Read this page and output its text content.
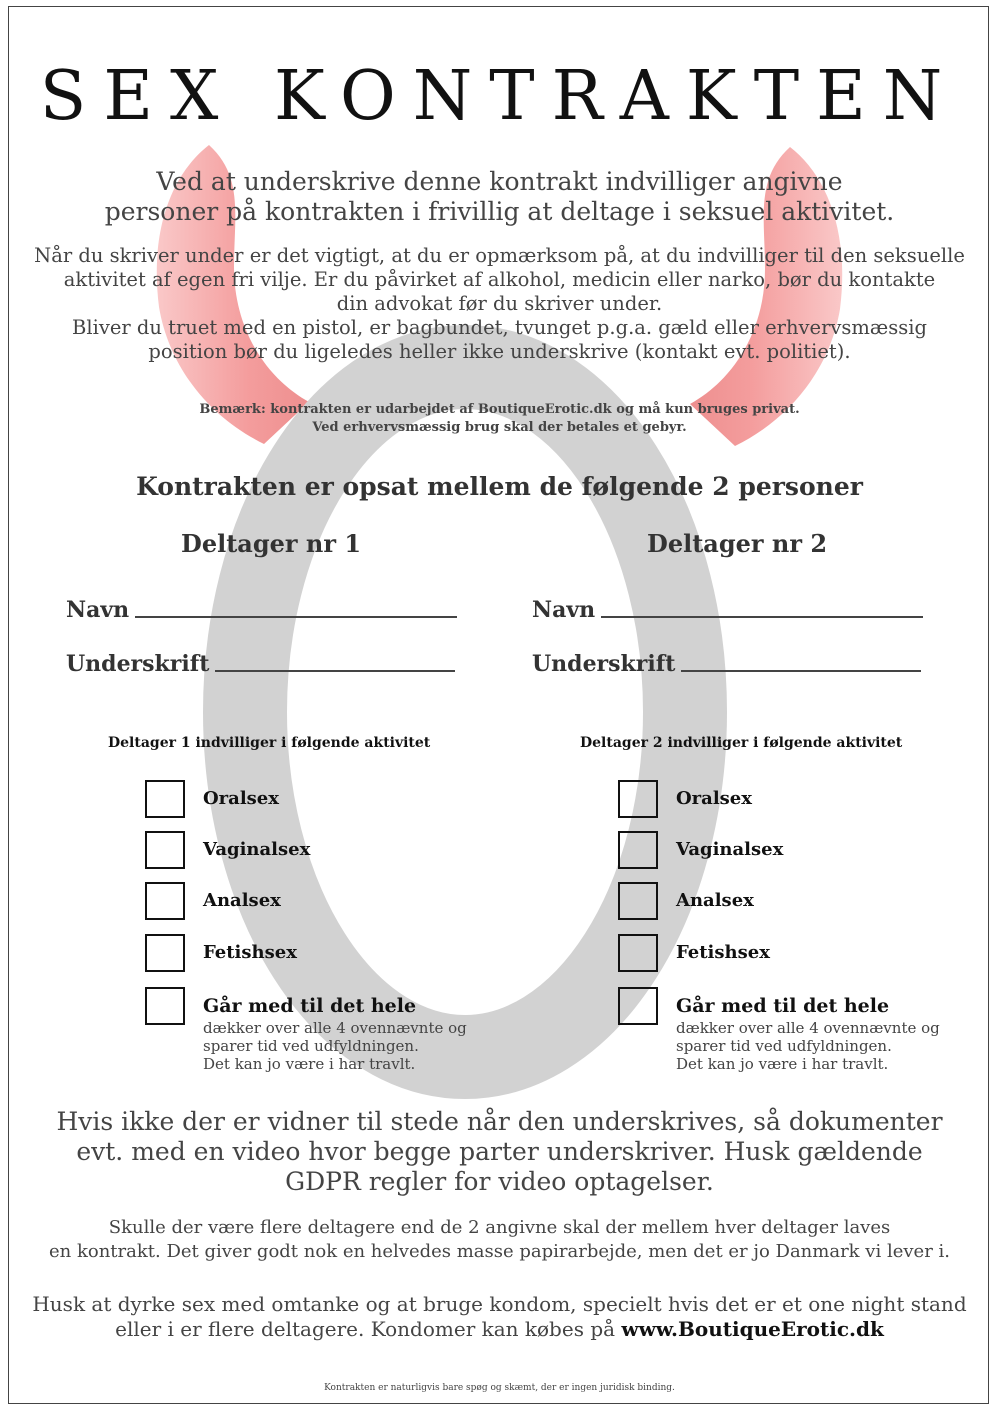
SEX KONTRAKTEN
Ved at underskrive denne kontrakt indvilliger angivne
personer på kontrakten i frivillig at deltage i seksuel aktivitet.
Når du skriver under er det vigtigt, at du er opmærksom på, at du indvilliger til den seksuelle
aktivitet af egen fri vilje. Er du påvirket af alkohol, medicin eller narko, bør du kontakte
din advokat før du skriver under.
Bliver du truet med en pistol, er bagbundet, tvunget p.g.a. gæld eller erhvervsmæssig
position bør du ligeledes heller ikke underskrive (kontakt evt. politiet).
Bemærk: kontrakten er udarbejdet af BoutiqueErotic.dk og må kun bruges privat.
Ved erhvervsmæssig brug skal der betales et gebyr.
Kontrakten er opsat mellem de følgende 2 personer
Deltager nr 1
Navn
Underskrift
Deltager 1 indvilliger i følgende aktivitet
Deltager nr 2
Navn
Underskrift
Deltager 2 indvilliger i følgende aktivitet
Oralsex
Vaginalsex
Analsex
Fetishsex
Går med til det hele
dækker over alle 4 ovennævnte og
sparer tid ved udfyldningen.
Det kan jo være i har travlt.
Oralsex
Vaginalsex
Analsex
Fetishsex
Går med til det hele
dækker over alle 4 ovennævnte og
sparer tid ved udfyldningen.
Det kan jo være i har travlt.
Hvis ikke der er vidner til stede når den underskrives, så dokumenter
evt. med en video hvor begge parter underskriver. Husk gældende
GDPR regler for video optagelser.
Skulle der være flere deltagere end de 2 angivne skal der mellem hver deltager laves
en kontrakt. Det giver godt nok en helvedes masse papirarbejde, men det er jo Danmark vi lever i.
Husk at dyrke sex med omtanke og at bruge kondom, specielt hvis det er et one night stand
eller i er flere deltagere. Kondomer kan købes på www.BoutiqueErotic.dk
Kontrakten er naturligvis bare spøg og skæmt, der er ingen juridisk binding.
